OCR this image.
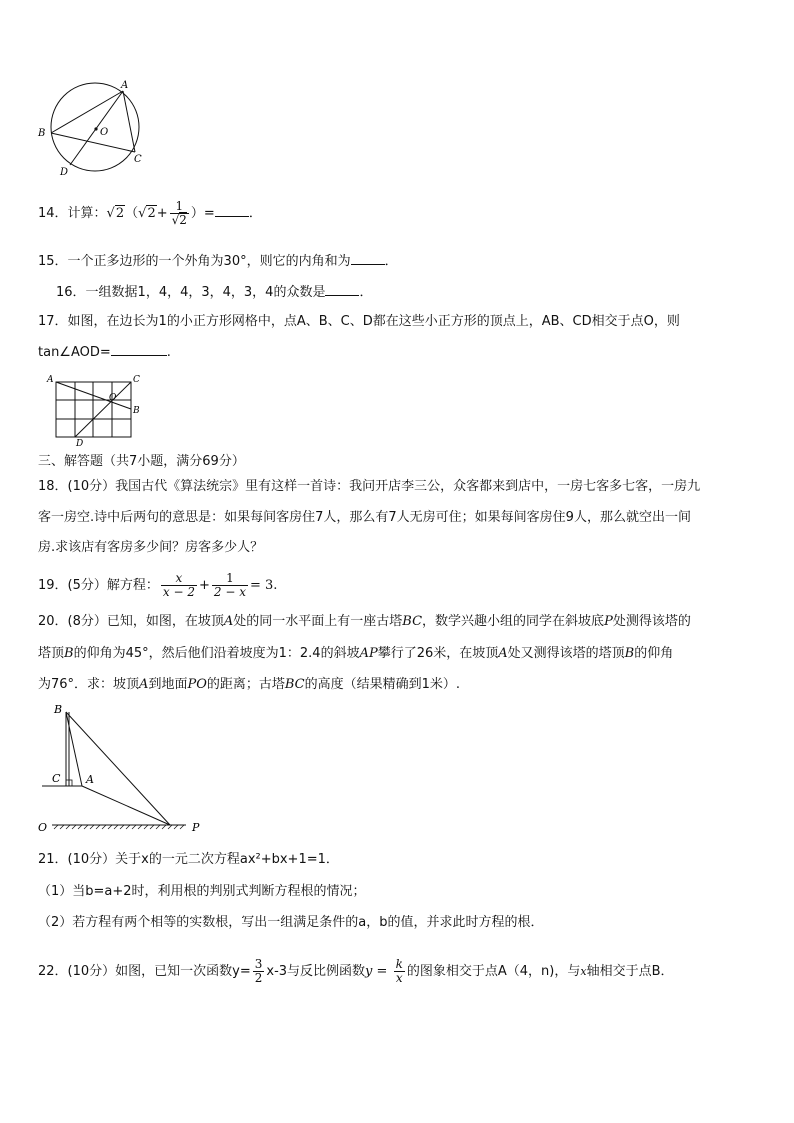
A
B
C
D
O
14．计算：$√2(√2+ \frac{1}{√2}$ ）=	．
15．一个正多边形的一个外角为30°，则它的内角和为	．
16．一组数据1，4，4，3，4，3，4的众数是	．
17．如图，在边长为1的小正方形网格中，点A、B、C、D都在这些小正方形的顶点上，AB、CD相交于点O，则
tan∠AOD=	.
A	C
O
B
D
三、解答题（共7小题，满分69分）
18．(10分）我国古代《算法统宗》里有这样一首诗：我问开店李三公，众客都来到店中，一房七客多七客，一房九
客一房空.诗中后两句的意思是：如果每间客房住7人，那么有7人无房可住；如果每间客房住9人，那么就空出一间
房.求该店有客房多少间？房客多少人？
19．(5分）解方程： $\frac{x}{x - 2} + \frac{1}{2 - x} = 3$.
20．(8分）已知，如图，在坡顶A处的同一水平面上有一座古塔BC，数学兴趣小组的同学在斜坡底P处测得该塔的
塔顶B的仰角为45°，然后他们沿着坡度为1：2.4的斜坡AP攀行了26米，在坡顶A处又测得该塔的塔顶B的仰角
为76°．求：坡顶A到地面PO的距离；古塔BC的高度（结果精确到1米）.
B
C A
O	P
21．(10分）关于x的一元二次方程ax²+bx+1=1．
（1）当b=a+2时，利用根的判别式判断方程根的情况；
（2）若方程有两个相等的实数根，写出一组满足条件的a，b的值，并求此时方程的根．
22．(10分）如图，已知一次函数$y= \frac{3}{2} x-3$与反比例函数$y = \frac{k}{x}$ 的图象相交于点A（4，n)，与x轴相交于点B．
